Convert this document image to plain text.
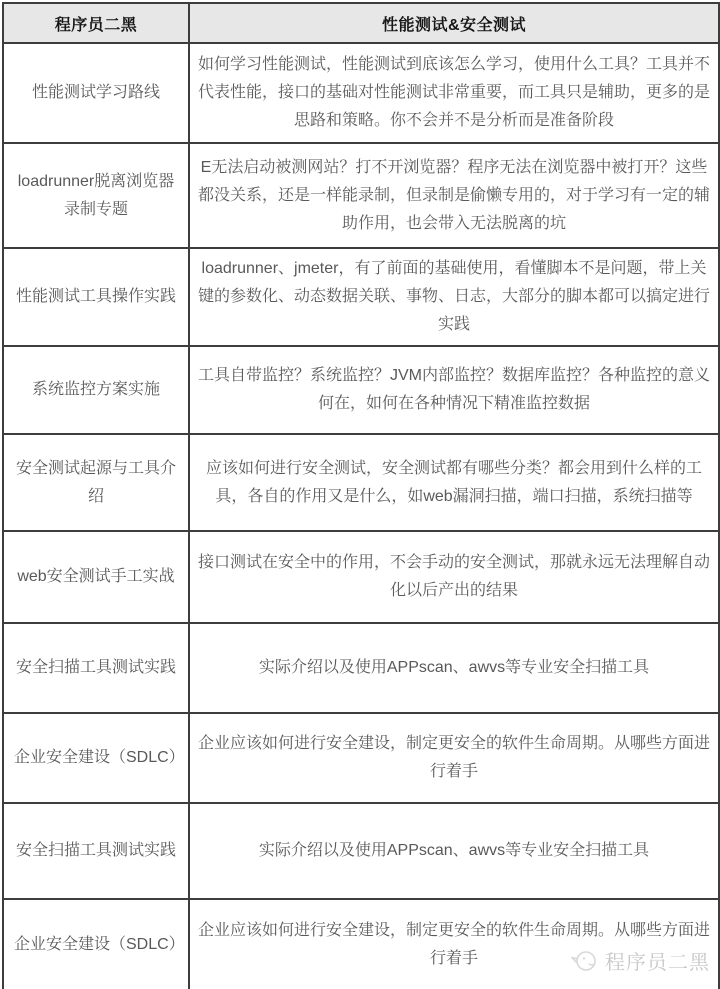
程序员二黑	性能测试&安全测试
性能测试学习路线	如何学习性能测试，性能测试到底该怎么学习，使用什么工具？工具并不代表性能，接口的基础对性能测试非常重要，而工具只是辅助，更多的是思路和策略。你不会并不是分析而是准备阶段
loadrunner脱离浏览器录制专题	E无法启动被测网站？打不开浏览器？程序无法在浏览器中被打开？这些都没关系，还是一样能录制，但录制是偷懒专用的，对于学习有一定的辅助作用，也会带入无法脱离的坑
性能测试工具操作实践	loadrunner、jmeter，有了前面的基础使用，看懂脚本不是问题，带上关键的参数化、动态数据关联、事物、日志，大部分的脚本都可以搞定进行实践
系统监控方案实施	工具自带监控？系统监控？JVM内部监控？数据库监控？各种监控的意义何在，如何在各种情况下精准监控数据
安全测试起源与工具介绍	应该如何进行安全测试，安全测试都有哪些分类？都会用到什么样的工具，各自的作用又是什么，如web漏洞扫描，端口扫描，系统扫描等
web安全测试手工实战	接口测试在安全中的作用，不会手动的安全测试，那就永远无法理解自动化以后产出的结果
安全扫描工具测试实践	实际介绍以及使用APPscan、awvs等专业安全扫描工具
企业安全建设（SDLC）	企业应该如何进行安全建设，制定更安全的软件生命周期。从哪些方面进行着手
安全扫描工具测试实践	实际介绍以及使用APPscan、awvs等专业安全扫描工具
企业安全建设（SDLC）	企业应该如何进行安全建设，制定更安全的软件生命周期。从哪些方面进行着手	程序员二黑
